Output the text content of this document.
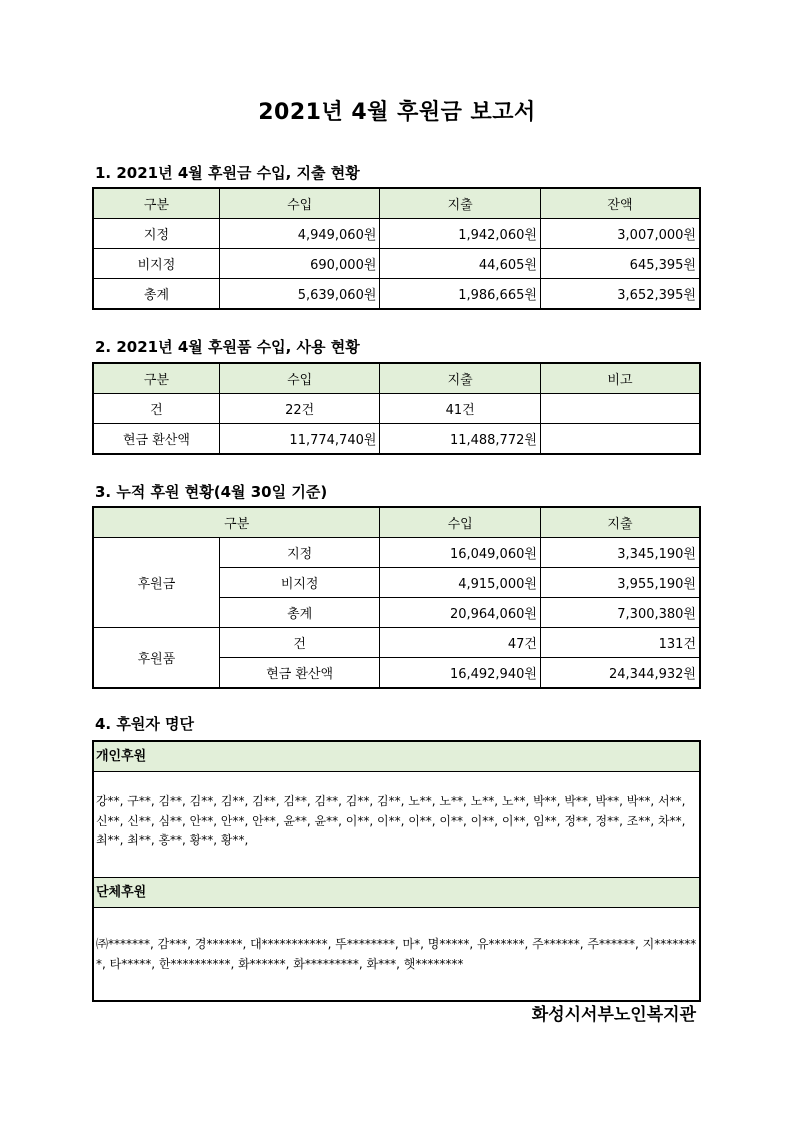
2021년 4월 후원금 보고서
1. 2021년 4월 후원금 수입, 지출 현황
구분	수입	지출	잔액
지정	4,949,060원	1,942,060원	3,007,000원
비지정	690,000원	44,605원	645,395원
총계	5,639,060원	1,986,665원	3,652,395원
2. 2021년 4월 후원품 수입, 사용 현황
구분	수입	지출	비고
건	22건	41건	
현금 환산액	11,774,740원	11,488,772원	
3. 누적 후원 현황(4월 30일 기준)
구분		수입	지출
후원금	지정	16,049,060원	3,345,190원
	비지정	4,915,000원	3,955,190원
	총계	20,964,060원	7,300,380원
후원품	건	47건	131건
	현금 환산액	16,492,940원	24,344,932원
4. 후원자 명단
개인후원
강**, 구**, 김**, 김**, 김**, 김**, 김**, 김**, 김**, 김**, 노**, 노**, 노**, 노**, 박**, 박**, 박**, 박**, 서**, 신**, 신**, 심**, 안**, 안**, 안**, 윤**, 윤**, 이**, 이**, 이**, 이**, 이**, 이**, 임**, 정**, 정**, 조**, 차**, 최**, 최**, 홍**, 황**, 황**,
단체후원
㈜*******, 감***, 경******, 대***********, 뚜********, 마*, 명*****, 유******, 주******, 주******, 지********, 타*****, 한**********, 화******, 화*********, 화***, 햇********
화성시서부노인복지관
